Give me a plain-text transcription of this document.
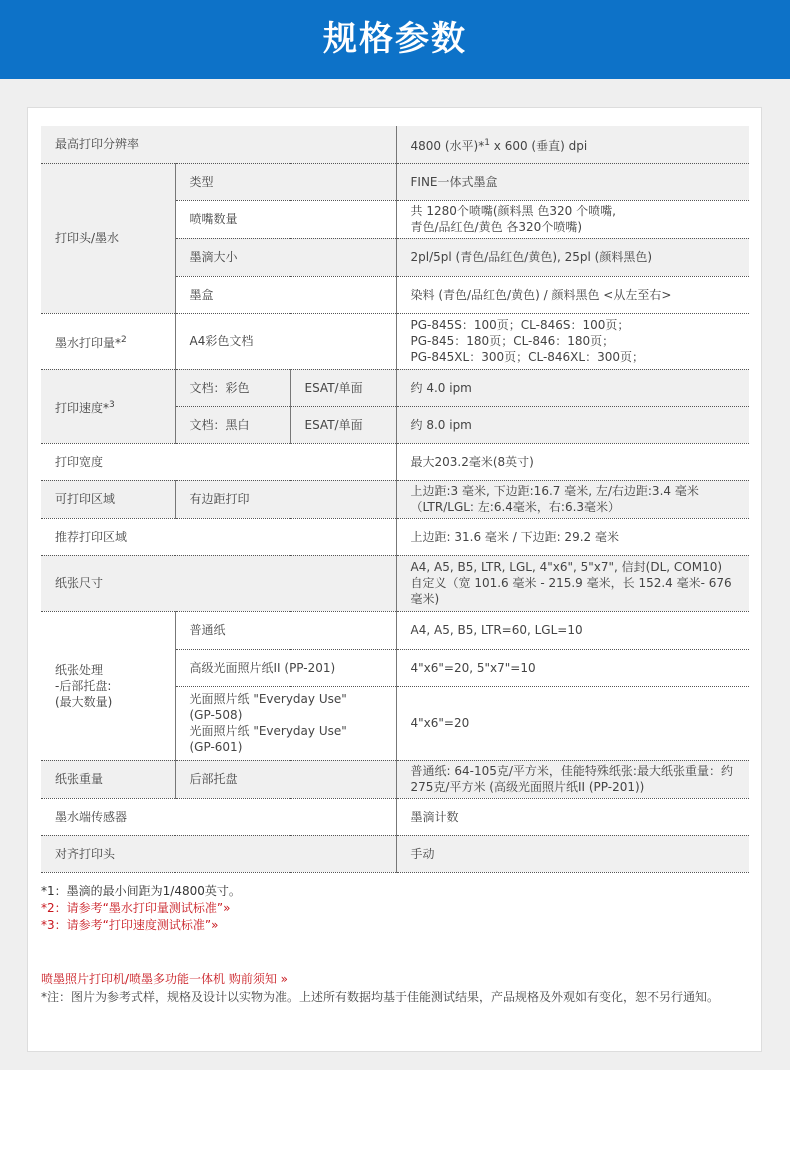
规格参数
最高打印分辨率			4800 (水平)*$^1$ x 600 (垂直) dpi
打印头/墨水	类型		FINE一体式墨盒
	喷嘴数量		共 1280个喷嘴(颜料黑 色320 个喷嘴,
青色/品红色/黄色 各320个喷嘴)

	墨滴大小		2pl/5pl (青色/品红色/黄色), 25pl (颜料黑色)
	墨盒		染料 (青色/品红色/黄色) / 颜料黑色 <从左至右>
墨水打印量*$^2$	A4彩色文档		PG-845S：100页；CL-846S：100页；
PG-845：180页；CL-846：180页；
PG-845XL：300页；CL-846XL：300页；

打印速度*$^3$	文档：彩色	ESAT/单面	约 4.0 ipm
	文档：黑白	ESAT/单面	约 8.0 ipm
打印宽度			最大203.2毫米(8英寸)
可打印区域	有边距打印		上边距:3 毫米, 下边距:16.7 毫米, 左/右边距:3.4 毫米
（LTR/LGL: 左:6.4毫米，右:6.3毫米）

推荐打印区域			上边距: 31.6 毫米 / 下边距: 29.2 毫米
纸张尺寸			A4, A5, B5, LTR, LGL, 4"x6", 5"x7", 信封(DL, COM10)
自定义（宽 101.6 毫米 - 215.9 毫米，长 152.4 毫米- 676
毫米)

纸张处理
-后部托盘:
(最大数量)	普通纸		A4, A5, B5, LTR=60, LGL=10
	高级光面照片纸II (PP-201)		4"x6"=20, 5"x7"=10

	光面照片纸 "Everyday Use"
(GP-508)
光面照片纸 "Everyday Use"
(GP-601)		4"x6"=20
纸张重量	后部托盘		普通纸: 64-105克/平方米，佳能特殊纸张:最大纸张重量：约
275克/平方米 (高级光面照片纸II (PP-201))

墨水端传感器			墨滴计数
对齐打印头			手动
*1：墨滴的最小间距为1/4800英寸。
*2：请参考“墨水打印量测试标准”»
*3：请参考“打印速度测试标准”»
喷墨照片打印机/喷墨多功能一体机 购前须知 »
*注：图片为参考式样，规格及设计以实物为准。上述所有数据均基于佳能测试结果，产品规格及外观如有变化，恕不另行通知。
